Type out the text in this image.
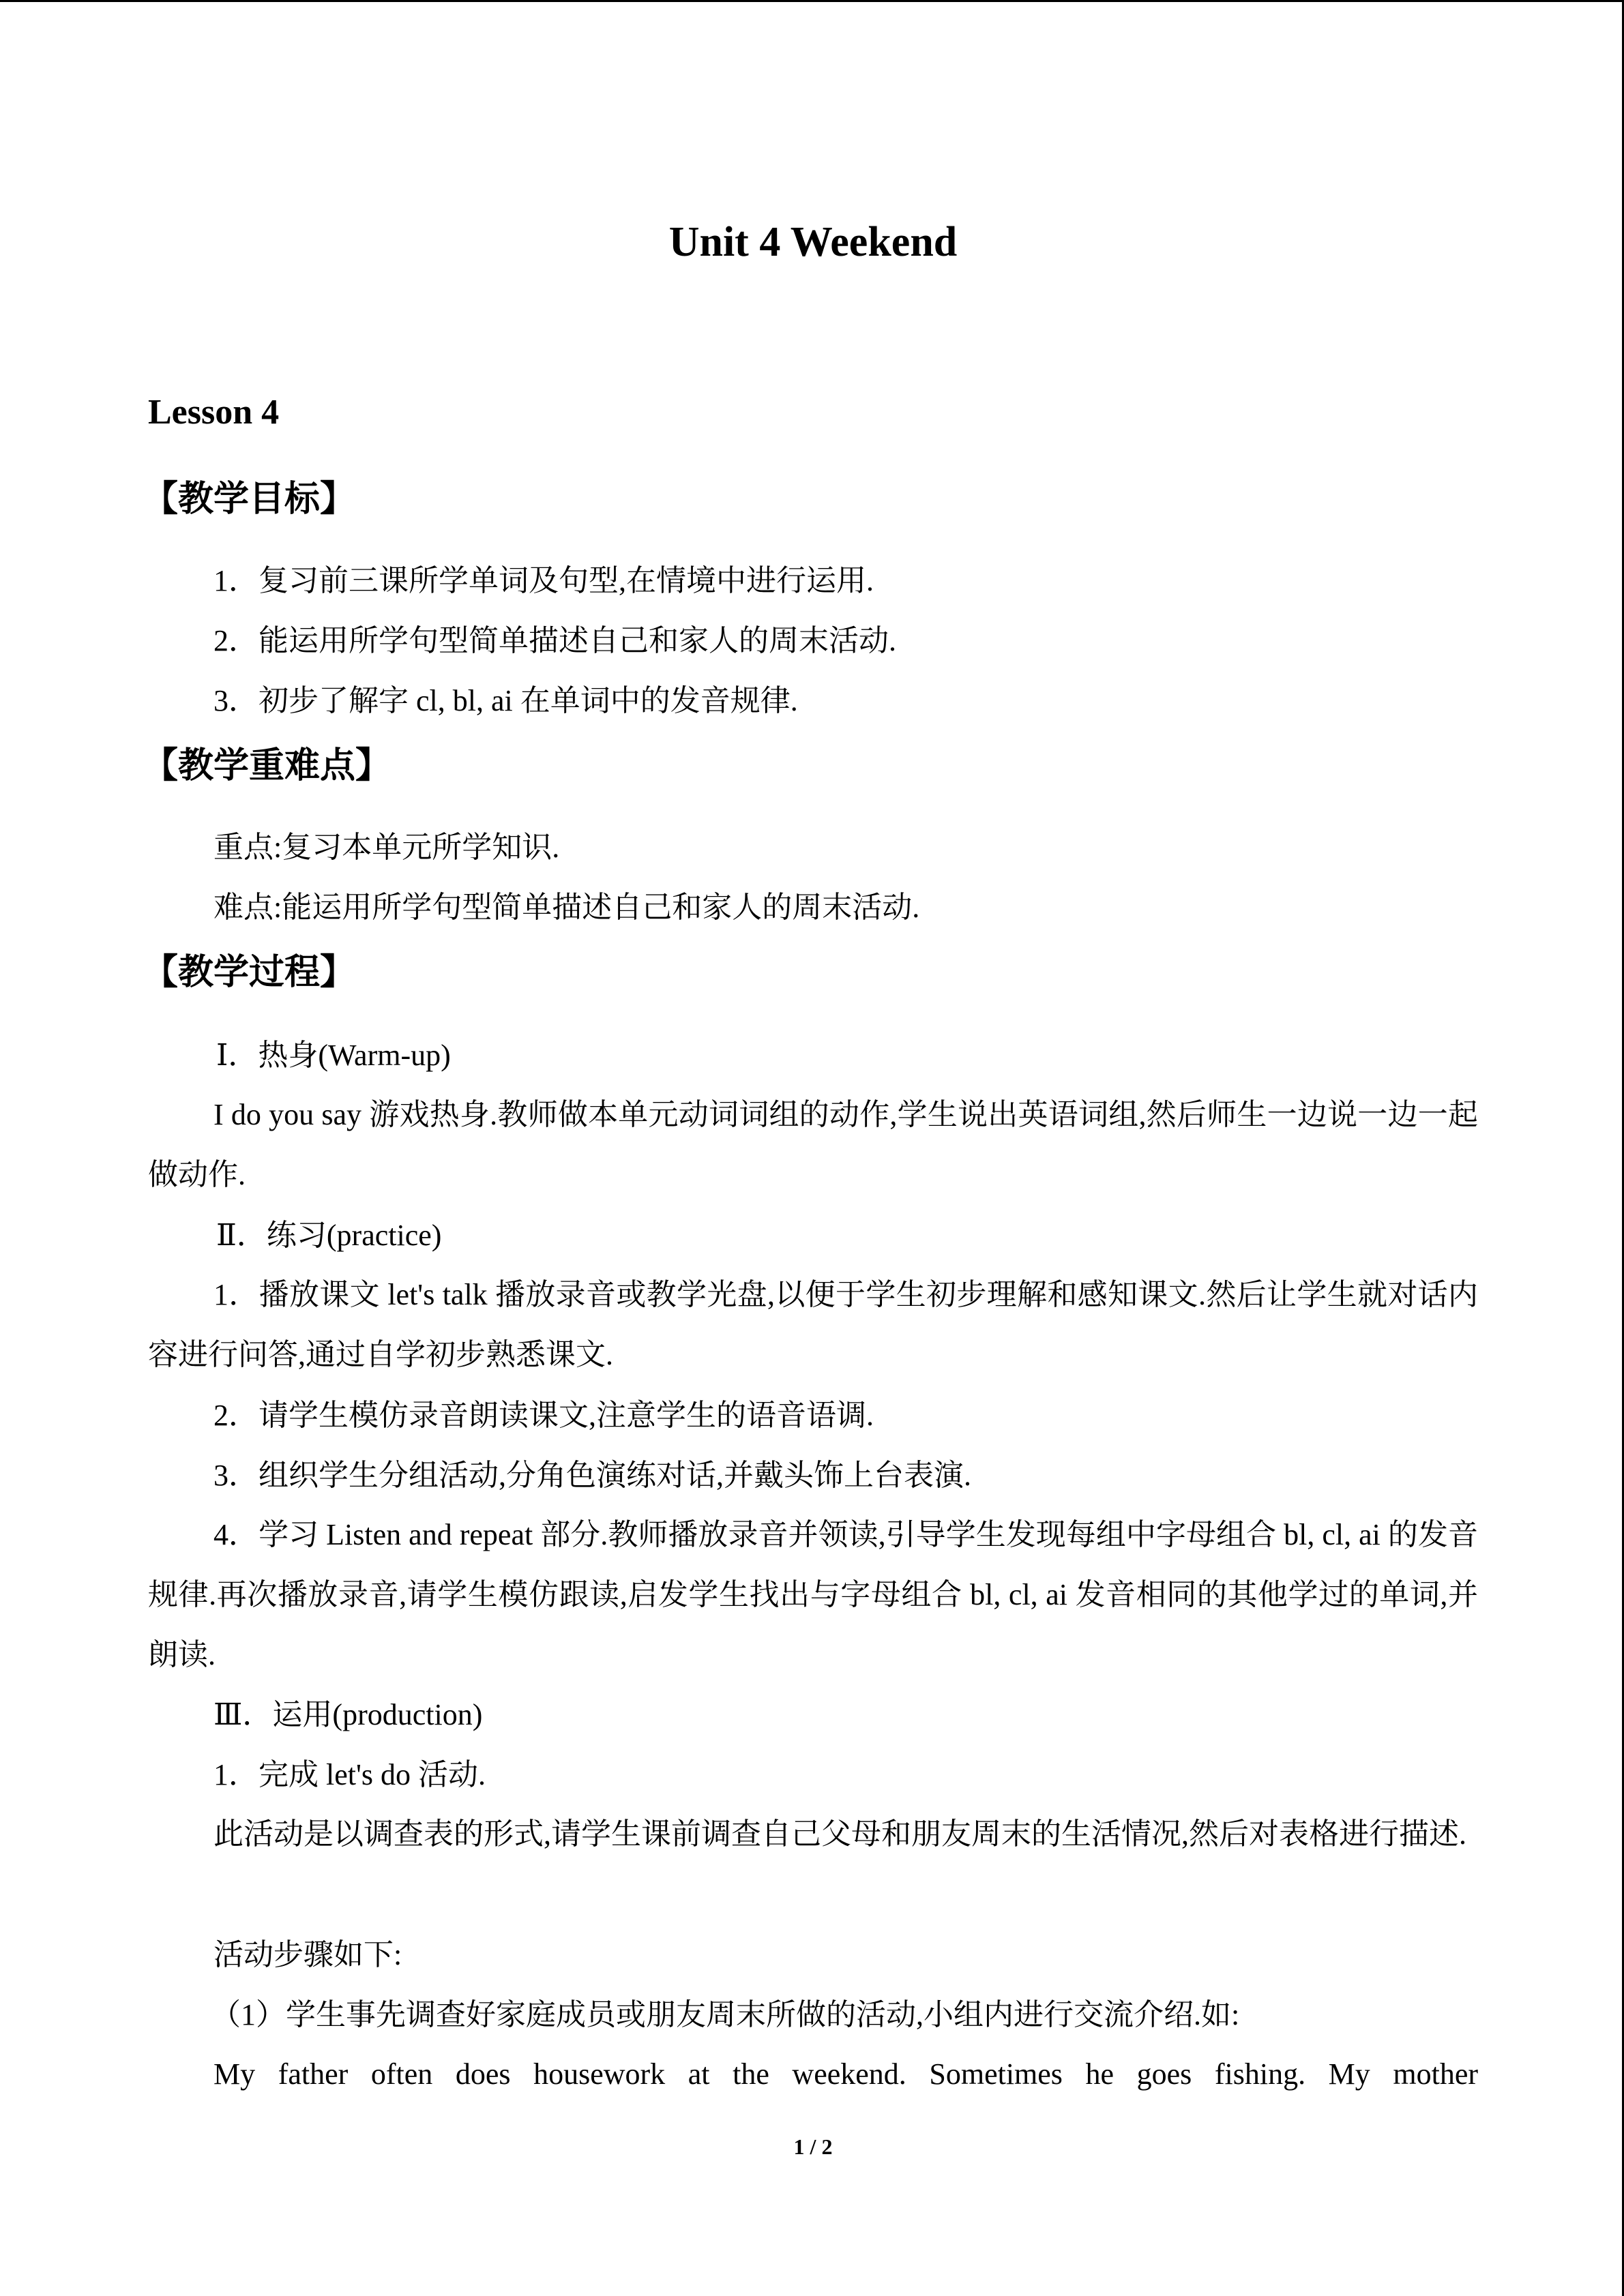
Unit 4 Weekend
Lesson 4
【教学目标】
1．复习前三课所学单词及句型,在情境中进行运用.
2．能运用所学句型简单描述自己和家人的周末活动.
3．初步了解字 cl, bl, ai 在单词中的发音规律.
【教学重难点】
重点:复习本单元所学知识.
难点:能运用所学句型简单描述自己和家人的周末活动.
【教学过程】
Ⅰ．热身(Warm-up)
I do you say 游戏热身.教师做本单元动词词组的动作,学生说出英语词组,然后师生一边说一边一起做动作.
Ⅱ．练习(practice)
1．播放课文 let's talk 播放录音或教学光盘,以便于学生初步理解和感知课文.然后让学生就对话内容进行问答,通过自学初步熟悉课文.
2．请学生模仿录音朗读课文,注意学生的语音语调.
3．组织学生分组活动,分角色演练对话,并戴头饰上台表演.
4．学习 Listen and repeat 部分.教师播放录音并领读,引导学生发现每组中字母组合 bl, cl, ai 的发音规律.再次播放录音,请学生模仿跟读,启发学生找出与字母组合 bl, cl, ai 发音相同的其他学过的单词,并朗读.
Ⅲ．运用(production)
1．完成 let's do 活动.
此活动是以调查表的形式,请学生课前调查自己父母和朋友周末的生活情况,然后对表格进行描述.
活动步骤如下:
（1）学生事先调查好家庭成员或朋友周末所做的活动,小组内进行交流介绍.如:
My father often does housework at the weekend. Sometimes he goes fishing. My mother
1 / 2
